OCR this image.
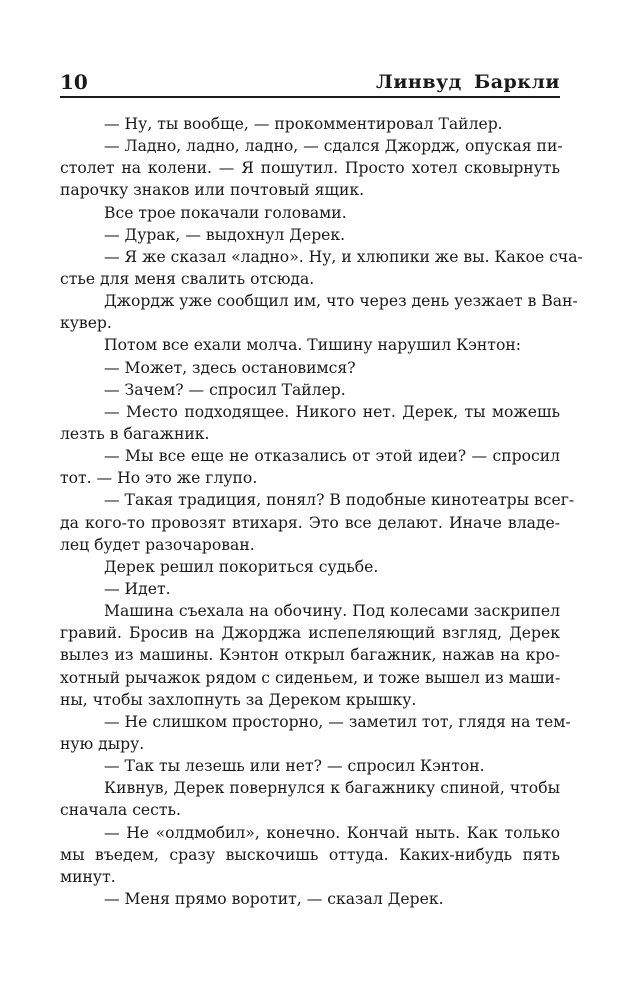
10	Линвуд Баркли
— Ну, ты вообще, — прокомментировал Тайлер.
— Ладно, ладно, ладно, — сдался Джордж, опуская пи-
столет на колени. — Я пошутил. Просто хотел сковырнуть
парочку знаков или почтовый ящик.
Все трое покачали головами.
— Дурак, — выдохнул Дерек.
— Я же сказал «ладно». Ну, и хлюпики же вы. Какое сча-
стье для меня свалить отсюда.
Джордж уже сообщил им, что через день уезжает в Ван-
кувер.
Потом все ехали молча. Тишину нарушил Кэнтон:
— Может, здесь остановимся?
— Зачем? — спросил Тайлер.
— Место подходящее. Никого нет. Дерек, ты можешь
лезть в багажник.
— Мы все еще не отказались от этой идеи? — спросил
тот. — Но это же глупо.
— Такая традиция, понял? В подобные кинотеатры всег-
да кого-то провозят втихаря. Это все делают. Иначе владе-
лец будет разочарован.
Дерек решил покориться судьбе.
— Идет.
Машина съехала на обочину. Под колесами заскрипел
гравий. Бросив на Джорджа испепеляющий взгляд, Дерек
вылез из машины. Кэнтон открыл багажник, нажав на кро-
хотный рычажок рядом с сиденьем, и тоже вышел из маши-
ны, чтобы захлопнуть за Дереком крышку.
— Не слишком просторно, — заметил тот, глядя на тем-
ную дыру.
— Так ты лезешь или нет? — спросил Кэнтон.
Кивнув, Дерек повернулся к багажнику спиной, чтобы
сначала сесть.
— Не «олдмобил», конечно. Кончай ныть. Как только
мы въедем, сразу выскочишь оттуда. Каких-нибудь пять
минут.
— Меня прямо воротит, — сказал Дерек.
